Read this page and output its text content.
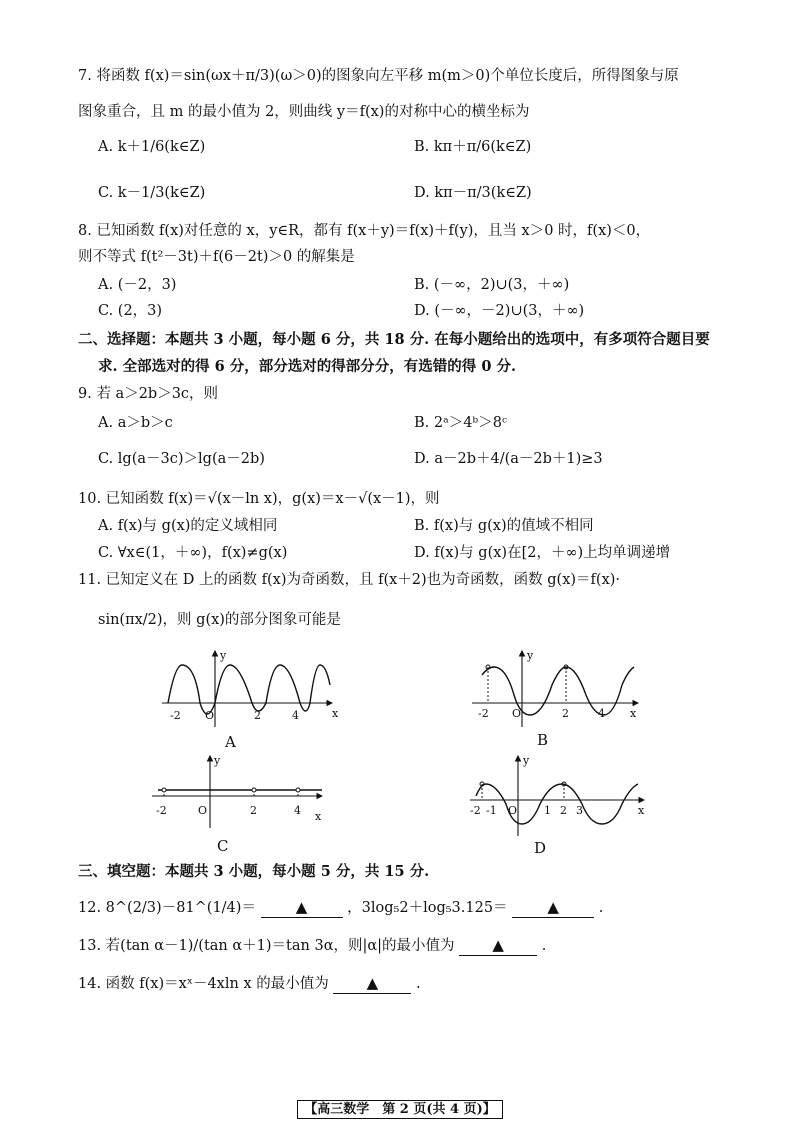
7. 将函数 f(x)＝sin(ωx＋π/3)(ω＞0)的图象向左平移 m(m＞0)个单位长度后，所得图象与原
图象重合，且 m 的最小值为 2，则曲线 y＝f(x)的对称中心的横坐标为
A. k＋1/6(k∈Z)	B. kπ＋π/6(k∈Z)
C. k－1/3(k∈Z)	D. kπ－π/3(k∈Z)
8. 已知函数 f(x)对任意的 x，y∈R，都有 f(x＋y)＝f(x)＋f(y)，且当 x＞0 时，f(x)＜0，
则不等式 f(t²－3t)＋f(6－2t)＞0 的解集是
A. (－2，3)	B. (－∞，2)∪(3，＋∞)
C. (2，3)	D. (－∞，－2)∪(3，＋∞)
二、选择题：本题共 3 小题，每小题 6 分，共 18 分. 在每小题给出的选项中，有多项符合题目要
求. 全部选对的得 6 分，部分选对的得部分分，有选错的得 0 分.
9. 若 a＞2b＞3c，则
A. a＞b＞c	B. 2ᵃ＞4ᵇ＞8ᶜ
C. lg(a－3c)＞lg(a－2b)	D. a－2b＋4/(a－2b＋1)≥3
10. 已知函数 f(x)＝√(x－ln x)，g(x)＝x－√(x－1)，则
A. f(x)与 g(x)的定义域相同	B. f(x)与 g(x)的值域不相同
C. ∀x∈(1，＋∞)，f(x)≠g(x)	D. f(x)与 g(x)在[2，＋∞)上均单调递增
11. 已知定义在 D 上的函数 f(x)为奇函数，且 f(x＋2)也为奇函数，函数 g(x)＝f(x)·
sin(πx/2)，则 g(x)的部分图象可能是
y
x
-2 O	2	4
A
y
x
-2 O	2	4
B
y
x
-2	O	2	4
C
y
x
-2 -1 O 1 2 3
D
三、填空题：本题共 3 小题，每小题 5 分，共 15 分.
12. 8^(2/3)－81^(1/4)＝	▲	，3log₅2＋log₅3.125＝	▲	.
13. 若(tan α－1)/(tan α＋1)＝tan 3α，则|α|的最小值为	▲	.
14. 函数 f(x)＝xˣ－4xln x 的最小值为	▲	.
【高三数学　第 2 页(共 4 页)】
